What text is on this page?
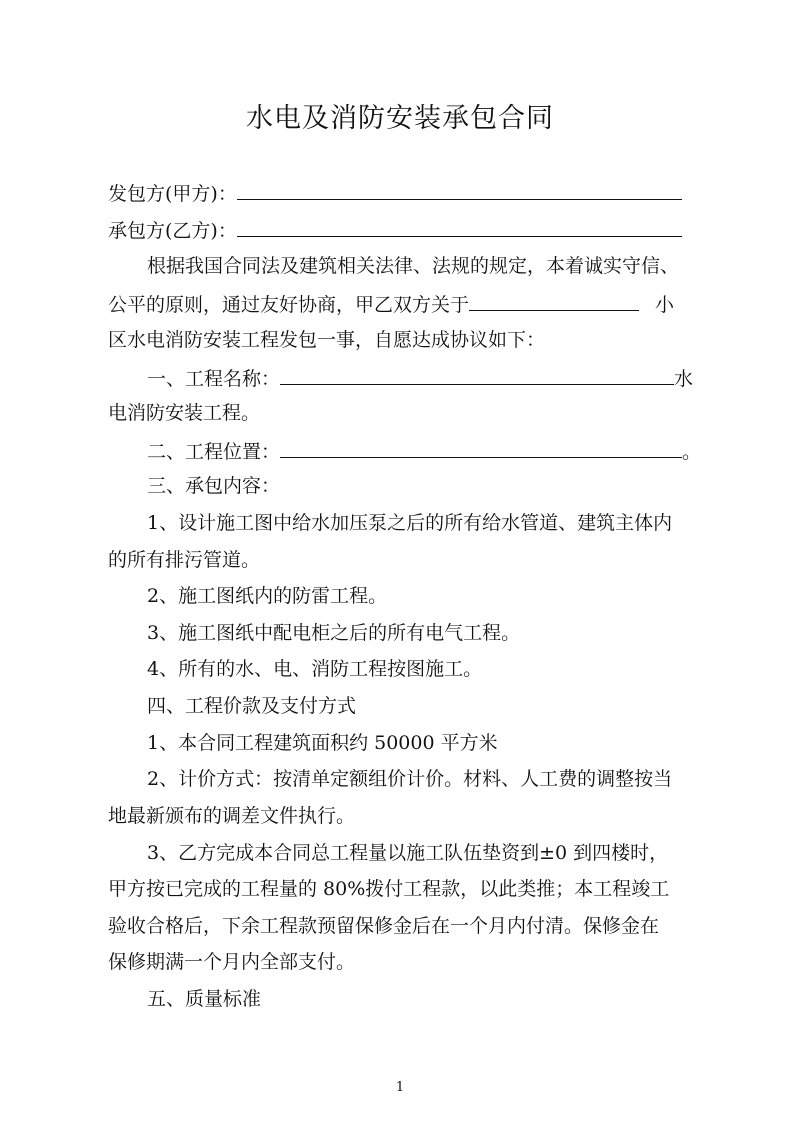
水电及消防安装承包合同
发包方(甲方)：
承包方(乙方)：
根据我国合同法及建筑相关法律、法规的规定，本着诚实守信、
公平的原则，通过友好协商，甲乙双方关于	小
区水电消防安装工程发包一事，自愿达成协议如下：
一、工程名称：	水
电消防安装工程。
二、工程位置：	。
三、承包内容：
1、设计施工图中给水加压泵之后的所有给水管道、建筑主体内
的所有排污管道。
2、施工图纸内的防雷工程。
3、施工图纸中配电柜之后的所有电气工程。
4、所有的水、电、消防工程按图施工。
四、工程价款及支付方式
1、本合同工程建筑面积约 50000 平方米
2、计价方式：按清单定额组价计价。材料、人工费的调整按当
地最新颁布的调差文件执行。
3、乙方完成本合同总工程量以施工队伍垫资到±0 到四楼时，
甲方按已完成的工程量的 80%拨付工程款，以此类推；本工程竣工
验收合格后，下余工程款预留保修金后在一个月内付清。保修金在
保修期满一个月内全部支付。
五、质量标准
1
